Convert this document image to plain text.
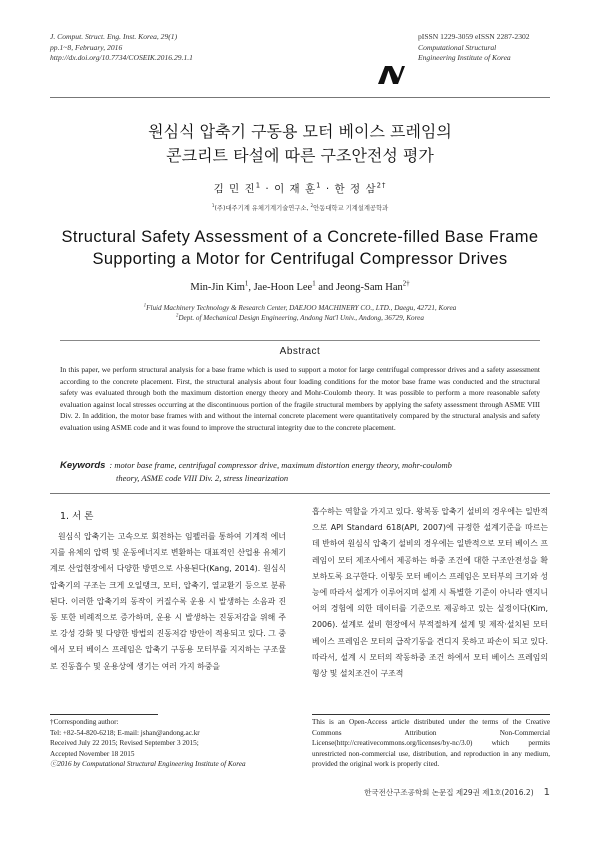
J. Comput. Struct. Eng. Inst. Korea, 29(1)
pp.1~8, February, 2016
http://dx.doi.org/10.7734/COSEIK.2016.29.1.1
pISSN 1229-3059 eISSN 2287-2302
Computational Structural
Engineering Institute of Korea
원심식 압축기 구동용 모터 베이스 프레임의
콘크리트 타설에 따른 구조안전성 평가
김 민 진$^1$ · 이 재 훈$^1$ · 한 정 삼$^{2\dagger}$
$^1$(주)대주기계 유체기계기술연구소, $^2$안동대학교 기계설계공학과
Structural Safety Assessment of a Concrete-filled Base Frame
Supporting a Motor for Centrifugal Compressor Drives
Min-Jin Kim$^1$, Jae-Hoon Lee$^1$ and Jeong-Sam Han$^{2\dagger}$
$^1$Fluid Machinery Technology & Research Center, DAEJOO MACHINERY CO., LTD., Daegu, 42721, Korea
$^2$Dept. of Mechanical Design Engineering, Andong Nat'l Univ., Andong, 36729, Korea
Abstract
In this paper, we perform structural analysis for a base frame which is used to support a motor for large centrifugal compressor drives and a safety assessment according to the concrete placement. First, the structural analysis about four loading conditions for the motor base frame was conducted and the structural safety was evaluated through both the maximum distortion energy theory and Mohr-Coulomb theory. It was possible to perform a more reasonable safety evaluation against local stresses occurring at the discontinuous portion of the fragile structural members by applying the safety assessment through ASME VIII Div. 2. In addition, the motor base frames with and without the internal concrete placement were quantitatively compared by the structural analysis and safety evaluation using ASME code and it was found to improve the structural integrity due to the concrete placement.
Keywords : motor base frame, centrifugal compressor drive, maximum distortion energy theory, mohr-coulomb
theory, ASME code VIII Div. 2, stress linearization
1. 서 론

원심식 압축기는 고속으로 회전하는 임펠러를 통하여 기계적 에너지를 유체의 압력 및 운동에너지로 변환하는 대표적인 산업용 유체기계로 산업현장에서 다양한 방면으로 사용된다(Kang, 2014). 원심식 압축기의 구조는 크게 오일탱크, 모터, 압축기, 열교환기 등으로 분류된다. 이러한 압축기의 동작이 커질수록 운용 시 발생하는 소음과 진동 또한 비례적으로 증가하며, 운용 시 발생하는 진동저감을 위해 주로 강성 강화 및 다양한 방법의 진동저감 방안이 적용되고 있다. 그 중에서 모터 베이스 프레임은 압축기 구동용 모터부를 지지하는 구조물로 진동흡수 및 운용상에 생기는 여러 가지 하중을

흡수하는 역할을 가지고 있다. 왕복동 압축기 설비의 경우에는 일반적으로 API Standard 618(API, 2007)에 규정한 설계기준을 따르는데 반하여 원심식 압축기 설비의 경우에는 일반적으로 모터 베이스 프레임이 모터 제조사에서 제공하는 하중 조건에 대한 구조안전성을 확보하도록 요구한다. 이렇듯 모터 베이스 프레임은 모터부의 크기와 성능에 따라서 설계가 이루어지며 설계 시 특별한 기준이 아니라 엔지니어의 경험에 의한 데이터를 기준으로 제공하고 있는 실정이다(Kim, 2006). 설계로 설비 현장에서 부적절하게 설계 및 제작·설치된 모터 베이스 프레임은 모터의 급작기동을 견디지 못하고 파손이 되고 있다. 따라서, 설계 시 모터의 작동하중 조건 하에서 모터 베이스 프레임의 형상 및 설치조건이 구조적

†Corresponding author:
Tel: +82-54-820-6218; E-mail: jshan@andong.ac.kr
Received July 22 2015; Revised September 3 2015;
Accepted November 18 2015
ⓒ2016 by Computational Structural Engineering Institute of Korea
This is an Open-Access article distributed under the terms of the Creative Commons Attribution Non-Commercial License(http://creativecommons.org/licenses/by-nc/3.0) which permits unrestricted non-commercial use, distribution, and reproduction in any medium, provided the original work is properly cited.
한국전산구조공학회 논문집 제29권 제1호(2016.2) 1
